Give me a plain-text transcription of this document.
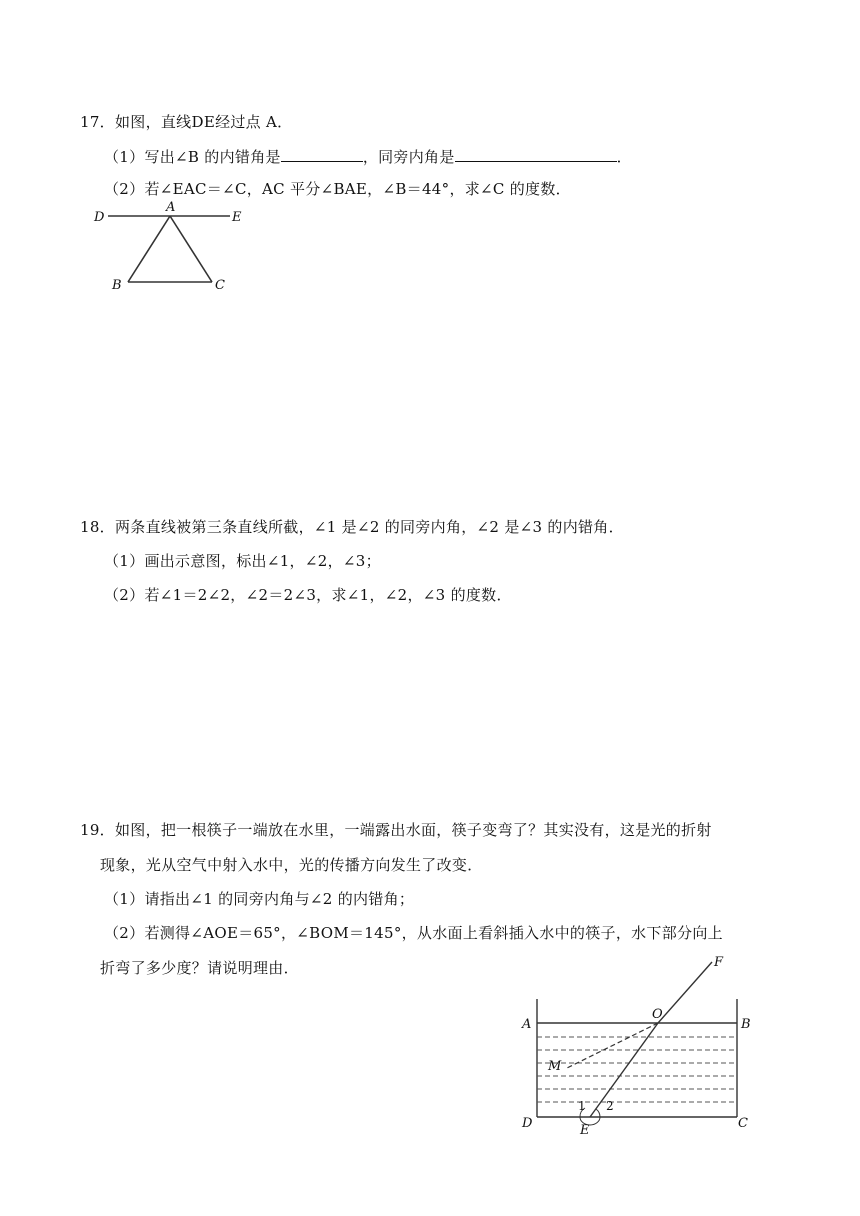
17．如图，直线DE经过点 A．
（1）写出∠B 的内错角是	，同旁内角是	．
（2）若∠EAC＝∠C，AC 平分∠BAE，∠B＝44°，求∠C 的度数．
D
A
E
B	C
18．两条直线被第三条直线所截，∠1 是∠2 的同旁内角，∠2 是∠3 的内错角．
（1）画出示意图，标出∠1，∠2，∠3；
（2）若∠1＝2∠2，∠2＝2∠3，求∠1，∠2，∠3 的度数．
19．如图，把一根筷子一端放在水里，一端露出水面，筷子变弯了？其实没有，这是光的折射
现象，光从空气中射入水中，光的传播方向发生了改变．
（1）请指出∠1 的同旁内角与∠2 的内错角；
（2）若测得∠AOE＝65°，∠BOM＝145°，从水面上看斜插入水中的筷子，水下部分向上
折弯了多少度？请说明理由．	F
A
O
B
M
D	E	C
1 2
